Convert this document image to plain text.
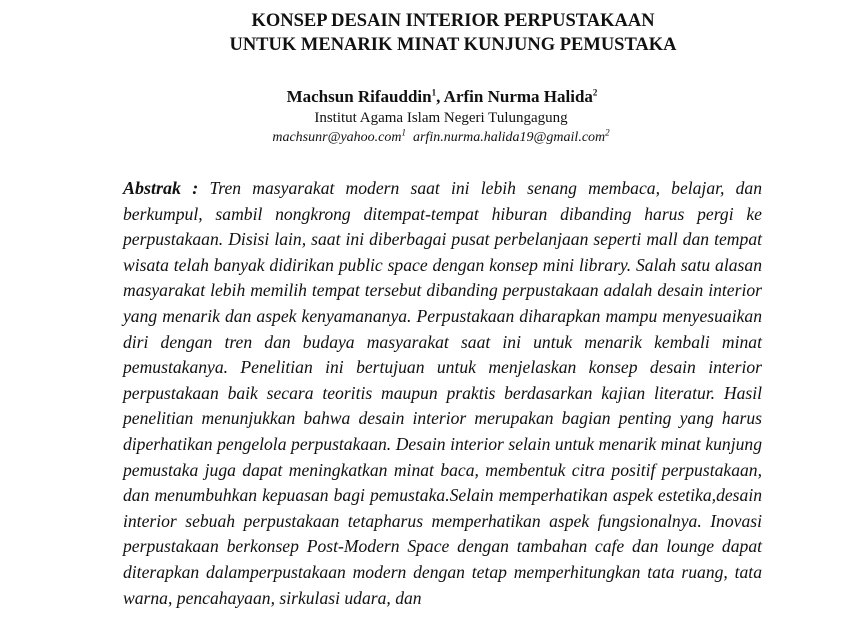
KONSEP DESAIN INTERIOR PERPUSTAKAAN
UNTUK MENARIK MINAT KUNJUNG PEMUSTAKA
Machsun Rifauddin$^1$, Arfin Nurma Halida$^2$
Institut Agama Islam Negeri Tulungagung
machsunr@yahoo.com$^1$ arfin.nurma.halida19@gmail.com$^2$

Abstrak : Tren masyarakat modern saat ini lebih senang membaca, belajar, dan berkumpul, sambil nongkrong ditempat-tempat hiburan dibanding harus pergi ke perpustakaan. Disisi lain, saat ini diberbagai pusat perbelanjaan seperti mall dan tempat wisata telah banyak didirikan public space dengan konsep mini library. Salah satu alasan masyarakat lebih memilih tempat tersebut dibanding perpustakaan adalah desain interior yang menarik dan aspek kenyamananya. Perpustakaan diharapkan mampu menyesuaikan diri dengan tren dan budaya masyarakat saat ini untuk menarik kembali minat pemustakanya. Penelitian ini bertujuan untuk menjelaskan konsep desain interior perpustakaan baik secara teoritis maupun praktis berdasarkan kajian literatur. Hasil penelitian menunjukkan bahwa desain interior merupakan bagian penting yang harus diperhatikan pengelola perpustakaan. Desain interior selain untuk menarik minat kunjung pemustaka juga dapat meningkatkan minat baca, membentuk citra positif perpustakaan, dan menumbuhkan kepuasan bagi pemustaka.Selain memperhatikan aspek estetika,desain interior sebuah perpustakaan tetapharus memperhatikan aspek fungsionalnya. Inovasi perpustakaan berkonsep Post-Modern Space dengan tambahan cafe dan lounge dapat diterapkan dalamperpustakaan modern dengan tetap memperhitungkan tata ruang, tata warna, pencahayaan, sirkulasi udara, dan
